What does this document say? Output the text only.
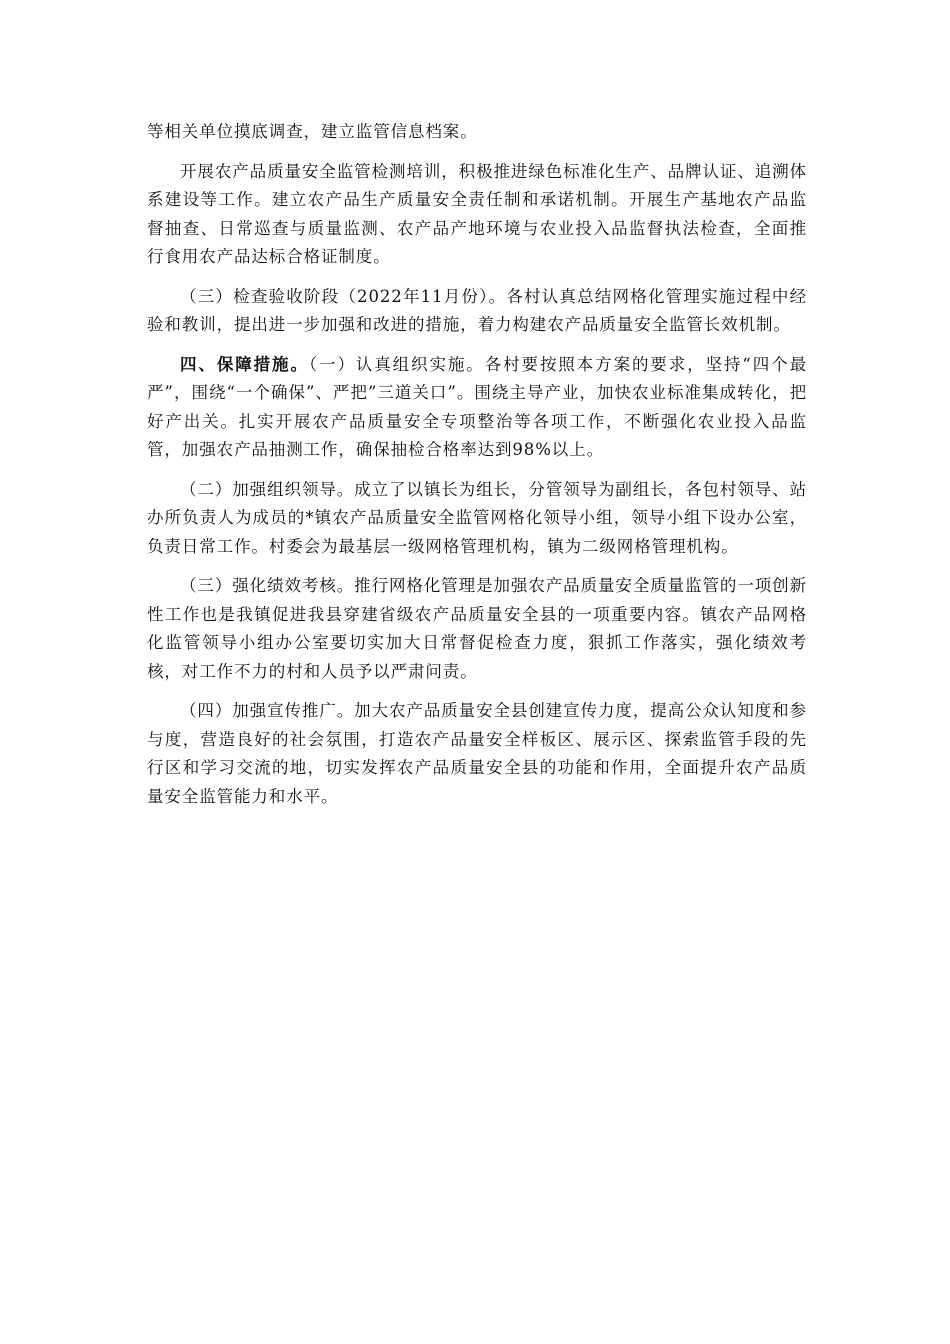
等相关单位摸底调查，建立监管信息档案。

开展农产品质量安全监管检测培训，积极推进绿色标准化生产、品牌认证、追溯体系建设等工作。建立农产品生产质量安全责任制和承诺机制。开展生产基地农产品监督抽查、日常巡查与质量监测、农产品产地环境与农业投入品监督执法检查，全面推行食用农产品达标合格证制度。

（三）检查验收阶段（2022年11月份）。各村认真总结网格化管理实施过程中经验和教训，提出进一步加强和改进的措施，着力构建农产品质量安全监管长效机制。

四、保障措施。（一）认真组织实施。各村要按照本方案的要求，坚持“四个最严”，围绕“一个确保”、严把”三道关口”。围绕主导产业，加快农业标准集成转化，把好产出关。扎实开展农产品质量安全专项整治等各项工作，不断强化农业投入品监管，加强农产品抽测工作，确保抽检合格率达到98%以上。

（二）加强组织领导。成立了以镇长为组长，分管领导为副组长，各包村领导、站办所负责人为成员的*镇农产品质量安全监管网格化领导小组，领导小组下设办公室，负责日常工作。村委会为最基层一级网格管理机构，镇为二级网格管理机构。

（三）强化绩效考核。推行网格化管理是加强农产品质量安全质量监管的一项创新性工作也是我镇促进我县穿建省级农产品质量安全县的一项重要内容。镇农产品网格化监管领导小组办公室要切实加大日常督促检查力度，狠抓工作落实，强化绩效考核，对工作不力的村和人员予以严肃问责。

（四）加强宣传推广。加大农产品质量安全县创建宣传力度，提高公众认知度和参与度，营造良好的社会氛围，打造农产品量安全样板区、展示区、探索监管手段的先行区和学习交流的地，切实发挥农产品质量安全县的功能和作用，全面提升农产品质量安全监管能力和水平。
